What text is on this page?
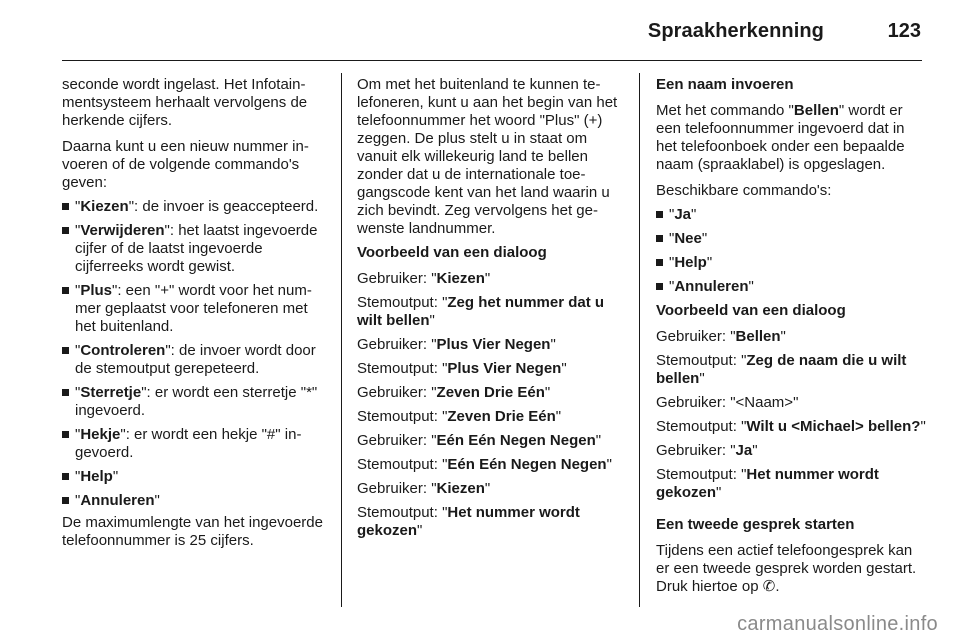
Spraakherkenning	123

seconde wordt ingelast. Het Infotainmentsysteem herhaalt vervolgens de herkende cijfers.

Daarna kunt u een nieuw nummer invoeren of de volgende commando's geven:

"Kiezen": de invoer is geaccepteerd.
"Verwijderen": het laatst ingevoerde cijfer of de laatst ingevoerde cijferreeks wordt gewist.
"Plus": een "+" wordt voor het nummer geplaatst voor telefoneren met het buitenland.
"Controleren": de invoer wordt door de stemoutput gerepeteerd.
"Sterretje": er wordt een sterretje "*" ingevoerd.
"Hekje": er wordt een hekje "#" ingevoerd.
"Help"
"Annuleren"

De maximumlengte van het ingevoerde telefoonnummer is 25 cijfers.

Om met het buitenland te kunnen telefoneren, kunt u aan het begin van het telefoonnummer het woord "Plus" (+) zeggen. De plus stelt u in staat om vanuit elk willekeurig land te bellen zonder dat u de internationale toegangscode kent van het land waarin u zich bevindt. Zeg vervolgens het gewenste landnummer.

Voorbeeld van een dialoog

Gebruiker: "Kiezen"

Stemoutput: "Zeg het nummer dat u wilt bellen"

Gebruiker: "Plus Vier Negen"

Stemoutput: "Plus Vier Negen"

Gebruiker: "Zeven Drie Eén"

Stemoutput: "Zeven Drie Eén"

Gebruiker: "Eén Eén Negen Negen"

Stemoutput: "Eén Eén Negen Negen"

Gebruiker: "Kiezen"

Stemoutput: "Het nummer wordt gekozen"

Een naam invoeren

Met het commando "Bellen" wordt er een telefoonnummer ingevoerd dat in het telefoonboek onder een bepaalde naam (spraaklabel) is opgeslagen.

Beschikbare commando's:

"Ja"
"Nee"
"Help"
"Annuleren"

Voorbeeld van een dialoog

Gebruiker: "Bellen"

Stemoutput: "Zeg de naam die u wilt bellen"

Gebruiker: "<Naam>"

Stemoutput: "Wilt u <Michael> bellen?"

Gebruiker: "Ja"

Stemoutput: "Het nummer wordt gekozen"

Een tweede gesprek starten

Tijdens een actief telefoongesprek kan er een tweede gesprek worden gestart. Druk hiertoe op ✆.

carmanualsonline.info
